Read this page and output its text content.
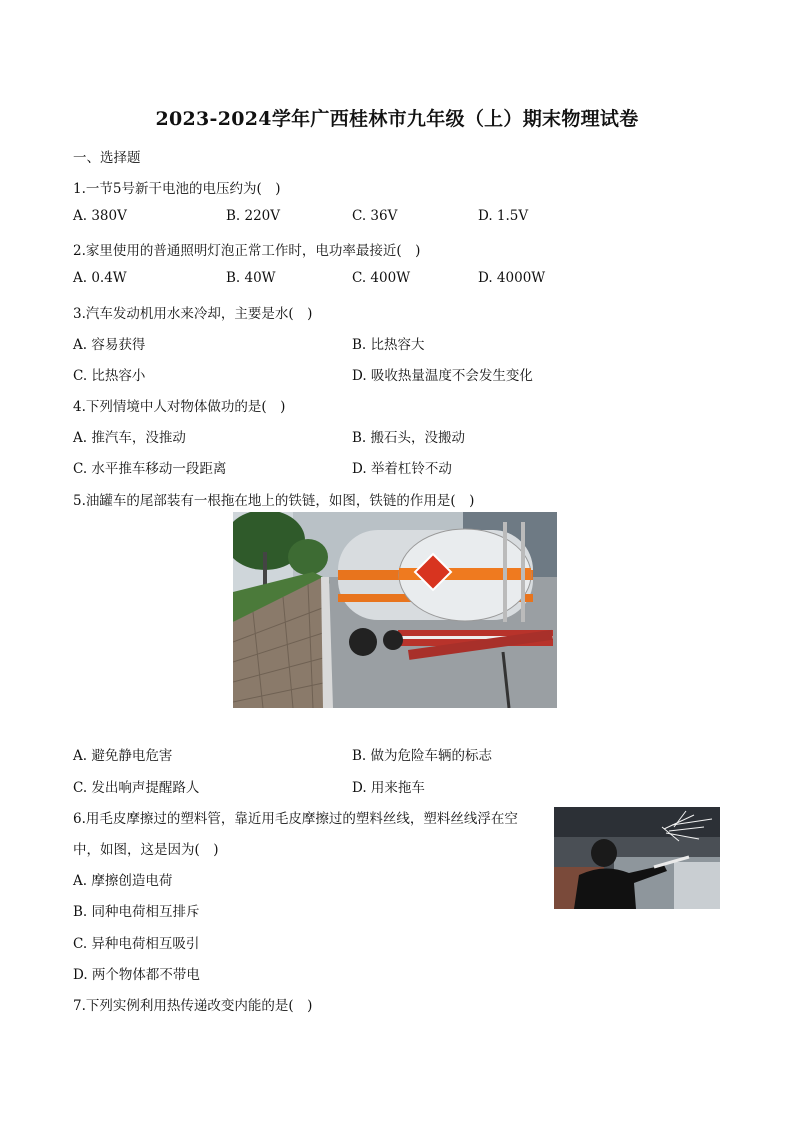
2023-2024学年广西桂林市九年级（上）期末物理试卷
一、选择题
1.一节5号新干电池的电压约为(　)
A. 380V	B. 220V	C. 36V	D. 1.5V
2.家里使用的普通照明灯泡正常工作时，电功率最接近(　)
A. 0.4W	B. 40W	C. 400W	D. 4000W
3.汽车发动机用水来冷却，主要是水(　)
A. 容易获得	B. 比热容大
C. 比热容小	D. 吸收热量温度不会发生变化
4.下列情境中人对物体做功的是(　)
A. 推汽车，没推动	B. 搬石头，没搬动
C. 水平推车移动一段距离	D. 举着杠铃不动
5.油罐车的尾部装有一根拖在地上的铁链，如图，铁链的作用是(　)
A. 避免静电危害	B. 做为危险车辆的标志
C. 发出响声提醒路人	D. 用来拖车
6.用毛皮摩擦过的塑料管，靠近用毛皮摩擦过的塑料丝线，塑料丝线浮在空
中，如图，这是因为(　)
A. 摩擦创造电荷
B. 同种电荷相互排斥
C. 异种电荷相互吸引
D. 两个物体都不带电
7.下列实例利用热传递改变内能的是(　)
